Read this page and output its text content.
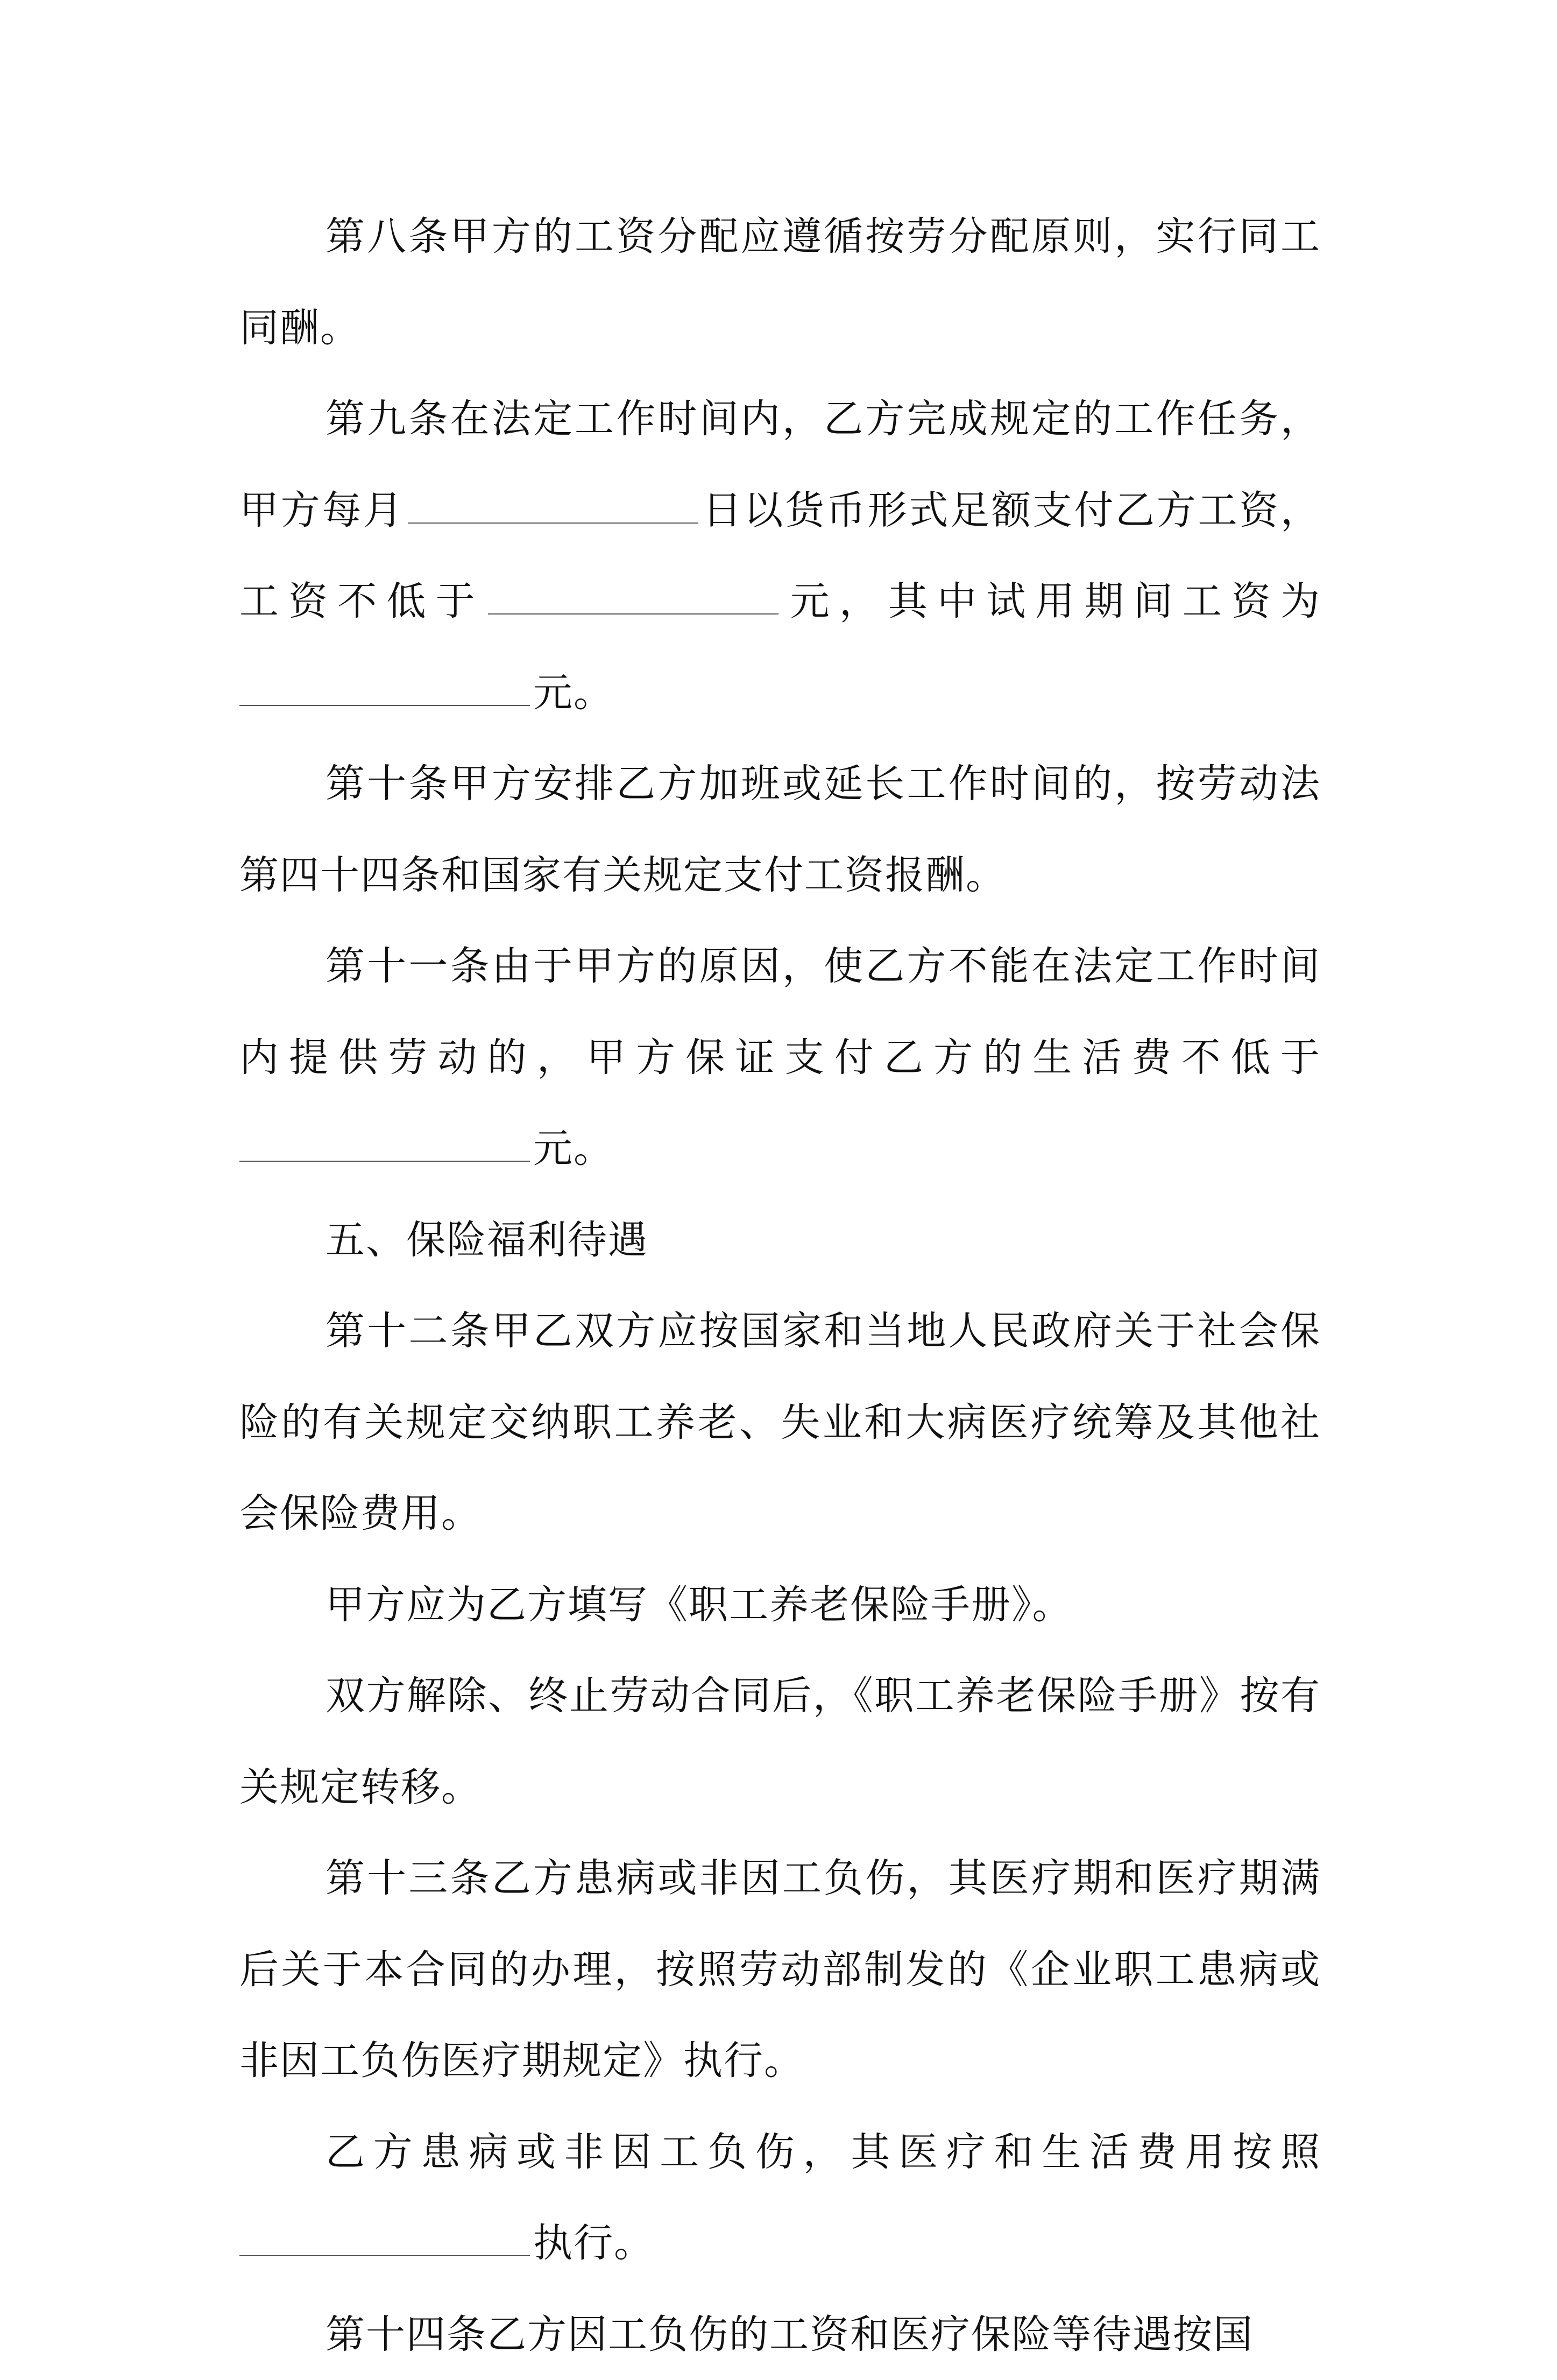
第八条甲方的工资分配应遵循按劳分配原则，实行同工同酬。

第九条在法定工作时间内，乙方完成规定的工作任务，甲方每月	日以货币形式足额支付乙方工资，工资不低于	元，其中试用期间工资为元。

第十条甲方安排乙方加班或延长工作时间的，按劳动法第四十四条和国家有关规定支付工资报酬。

第十一条由于甲方的原因，使乙方不能在法定工作时间内提供劳动的，甲方保证支付乙方的生活费不低于元。

五、保险福利待遇

第十二条甲乙双方应按国家和当地人民政府关于社会保险的有关规定交纳职工养老、失业和大病医疗统筹及其他社会保险费用。

甲方应为乙方填写《职工养老保险手册》。

双方解除、终止劳动合同后，《职工养老保险手册》按有关规定转移。

第十三条乙方患病或非因工负伤，其医疗期和医疗期满后关于本合同的办理，按照劳动部制发的《企业职工患病或非因工负伤医疗期规定》执行。

乙方患病或非因工负伤，其医疗和生活费用按照执行。

第十四条乙方因工负伤的工资和医疗保险等待遇按国
